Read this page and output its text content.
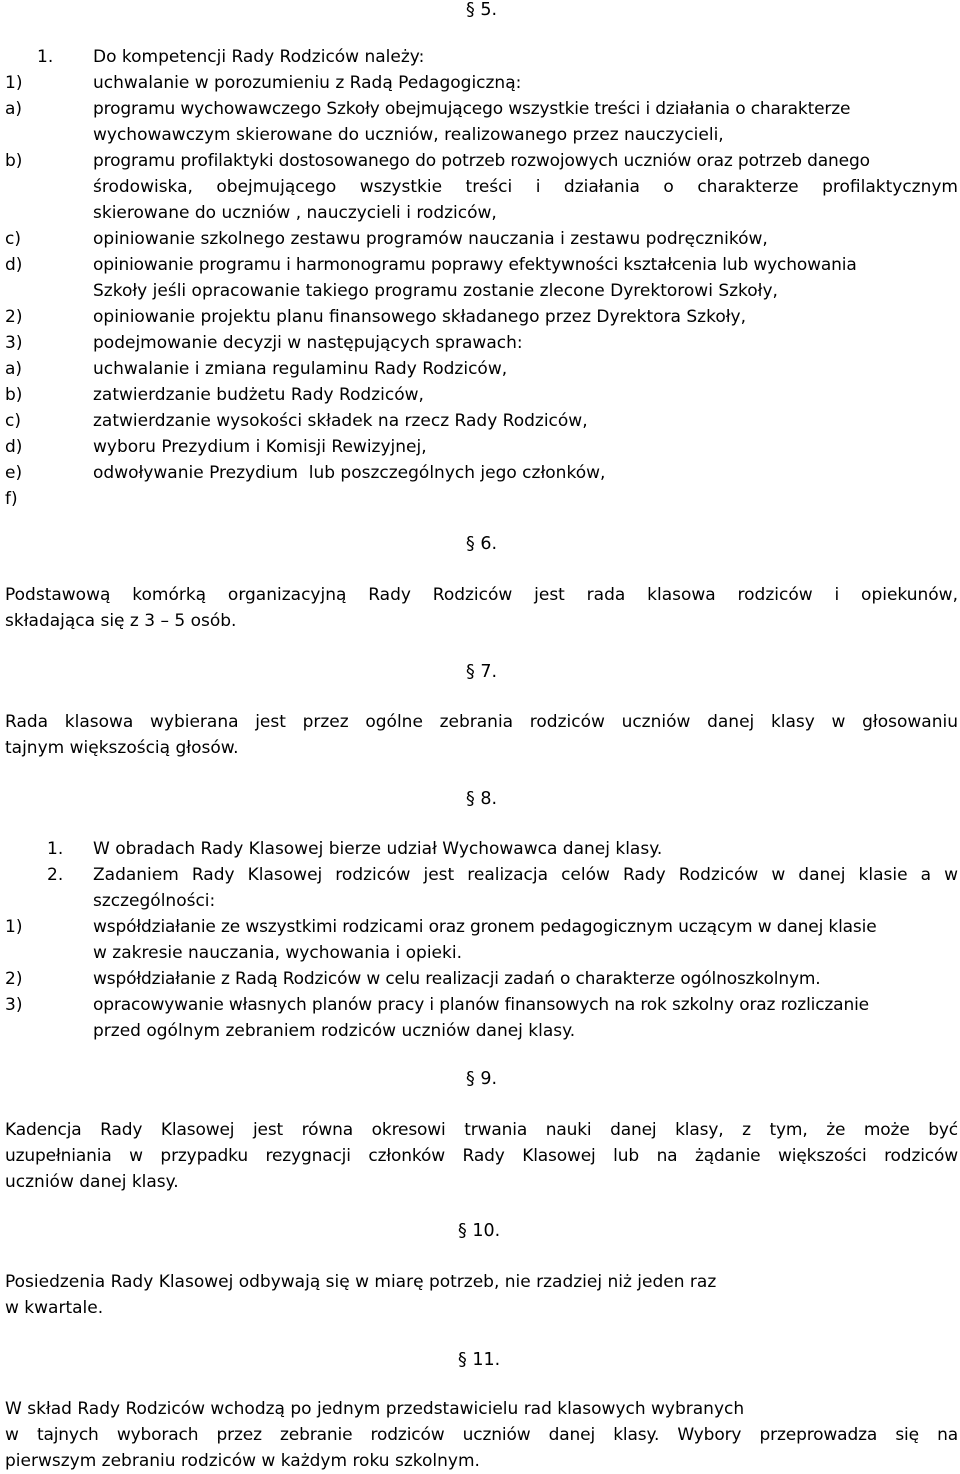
§ 5.
1. Do kompetencji Rady Rodziców należy:
1)	uchwalanie w porozumieniu z Radą Pedagogiczną:
a)	programu wychowawczego Szkoły obejmującego wszystkie treści i działania o charakterze
wychowawczym skierowane do uczniów, realizowanego przez nauczycieli,
b)	programu profilaktyki dostosowanego do potrzeb rozwojowych uczniów oraz potrzeb danego
środowiska, obejmującego wszystkie treści i działania o charakterze profilaktycznym
skierowane do uczniów , nauczycieli i rodziców,
c)	opiniowanie szkolnego zestawu programów nauczania i zestawu podręczników,
d)	opiniowanie programu i harmonogramu poprawy efektywności kształcenia lub wychowania
Szkoły jeśli opracowanie takiego programu zostanie zlecone Dyrektorowi Szkoły,
2)	opiniowanie projektu planu finansowego składanego przez Dyrektora Szkoły,
3)	podejmowanie decyzji w następujących sprawach:
a)	uchwalanie i zmiana regulaminu Rady Rodziców,
b)	zatwierdzanie budżetu Rady Rodziców,
c)	zatwierdzanie wysokości składek na rzecz Rady Rodziców,
d)	wyboru Prezydium i Komisji Rewizyjnej,
e)	odwoływanie Prezydium  lub poszczególnych jego członków,
f)
§ 6.
Podstawową komórką organizacyjną Rady Rodziców jest rada klasowa rodziców i opiekunów,
składająca się z 3 – 5 osób.
§ 7.
Rada klasowa wybierana jest przez ogólne zebrania rodziców uczniów danej klasy w głosowaniu
tajnym większością głosów.
§ 8.
1. W obradach Rady Klasowej bierze udział Wychowawca danej klasy.
2. Zadaniem Rady Klasowej rodziców jest realizacja celów Rady Rodziców w danej klasie a w
szczególności:
1)	współdziałanie ze wszystkimi rodzicami oraz gronem pedagogicznym uczącym w danej klasie
w zakresie nauczania, wychowania i opieki.
2)	współdziałanie z Radą Rodziców w celu realizacji zadań o charakterze ogólnoszkolnym.
3)	opracowywanie własnych planów pracy i planów finansowych na rok szkolny oraz rozliczanie
przed ogólnym zebraniem rodziców uczniów danej klasy.
§ 9.
Kadencja Rady Klasowej jest równa okresowi trwania nauki danej klasy, z tym, że może być
uzupełniania w przypadku rezygnacji członków Rady Klasowej lub na żądanie większości rodziców
uczniów danej klasy.
§ 10.
Posiedzenia Rady Klasowej odbywają się w miarę potrzeb, nie rzadziej niż jeden raz
w kwartale.
§ 11.
W skład Rady Rodziców wchodzą po jednym przedstawicielu rad klasowych wybranych
w tajnych wyborach przez zebranie rodziców uczniów danej klasy. Wybory przeprowadza się na
pierwszym zebraniu rodziców w każdym roku szkolnym.
